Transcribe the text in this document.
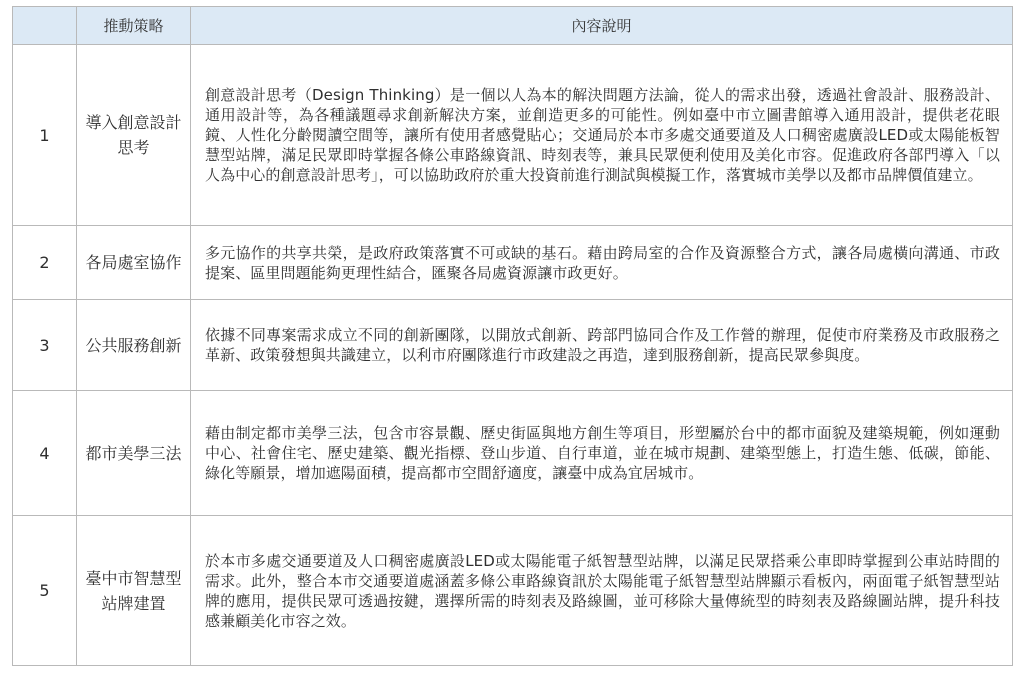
	推動策略	內容說明
1	導入創意設計思考	創意設計思考（Design Thinking）是一個以人為本的解決問題方法論，從人的需求出發，透過社會設計、服務設計、通用設計等，為各種議題尋求創新解決方案，並創造更多的可能性。例如臺中市立圖書館導入通用設計，提供老花眼鏡、人性化分齡閱讀空間等，讓所有使用者感覺貼心；交通局於本市多處交通要道及人口稠密處廣設LED或太陽能板智慧型站牌，滿足民眾即時掌握各條公車路線資訊、時刻表等，兼具民眾便利使用及美化市容。促進政府各部門導入「以人為中心的創意設計思考」，可以協助政府於重大投資前進行測試與模擬工作，落實城市美學以及都市品牌價值建立。
2	各局處室協作	多元協作的共享共榮，是政府政策落實不可或缺的基石。藉由跨局室的合作及資源整合方式，讓各局處橫向溝通、市政提案、區里問題能夠更理性結合，匯聚各局處資源讓市政更好。
3	公共服務創新	依據不同專案需求成立不同的創新團隊，以開放式創新、跨部門協同合作及工作營的辦理，促使市府業務及市政服務之革新、政策發想與共識建立，以利市府團隊進行市政建設之再造，達到服務創新，提高民眾參與度。
4	都市美學三法	藉由制定都市美學三法，包含市容景觀、歷史街區與地方創生等項目，形塑屬於台中的都市面貌及建築規範，例如運動中心、社會住宅、歷史建築、觀光指標、登山步道、自行車道，並在城市規劃、建築型態上，打造生態、低碳，節能、綠化等願景，增加遮陽面積，提高都市空間舒適度，讓臺中成為宜居城市。
5	臺中市智慧型站牌建置	於本市多處交通要道及人口稠密處廣設LED或太陽能電子紙智慧型站牌，以滿足民眾搭乘公車即時掌握到公車站時間的需求。此外，整合本市交通要道處涵蓋多條公車路線資訊於太陽能電子紙智慧型站牌顯示看板內，兩面電子紙智慧型站牌的應用，提供民眾可透過按鍵，選擇所需的時刻表及路線圖，並可移除大量傳統型的時刻表及路線圖站牌，提升科技感兼顧美化市容之效。
